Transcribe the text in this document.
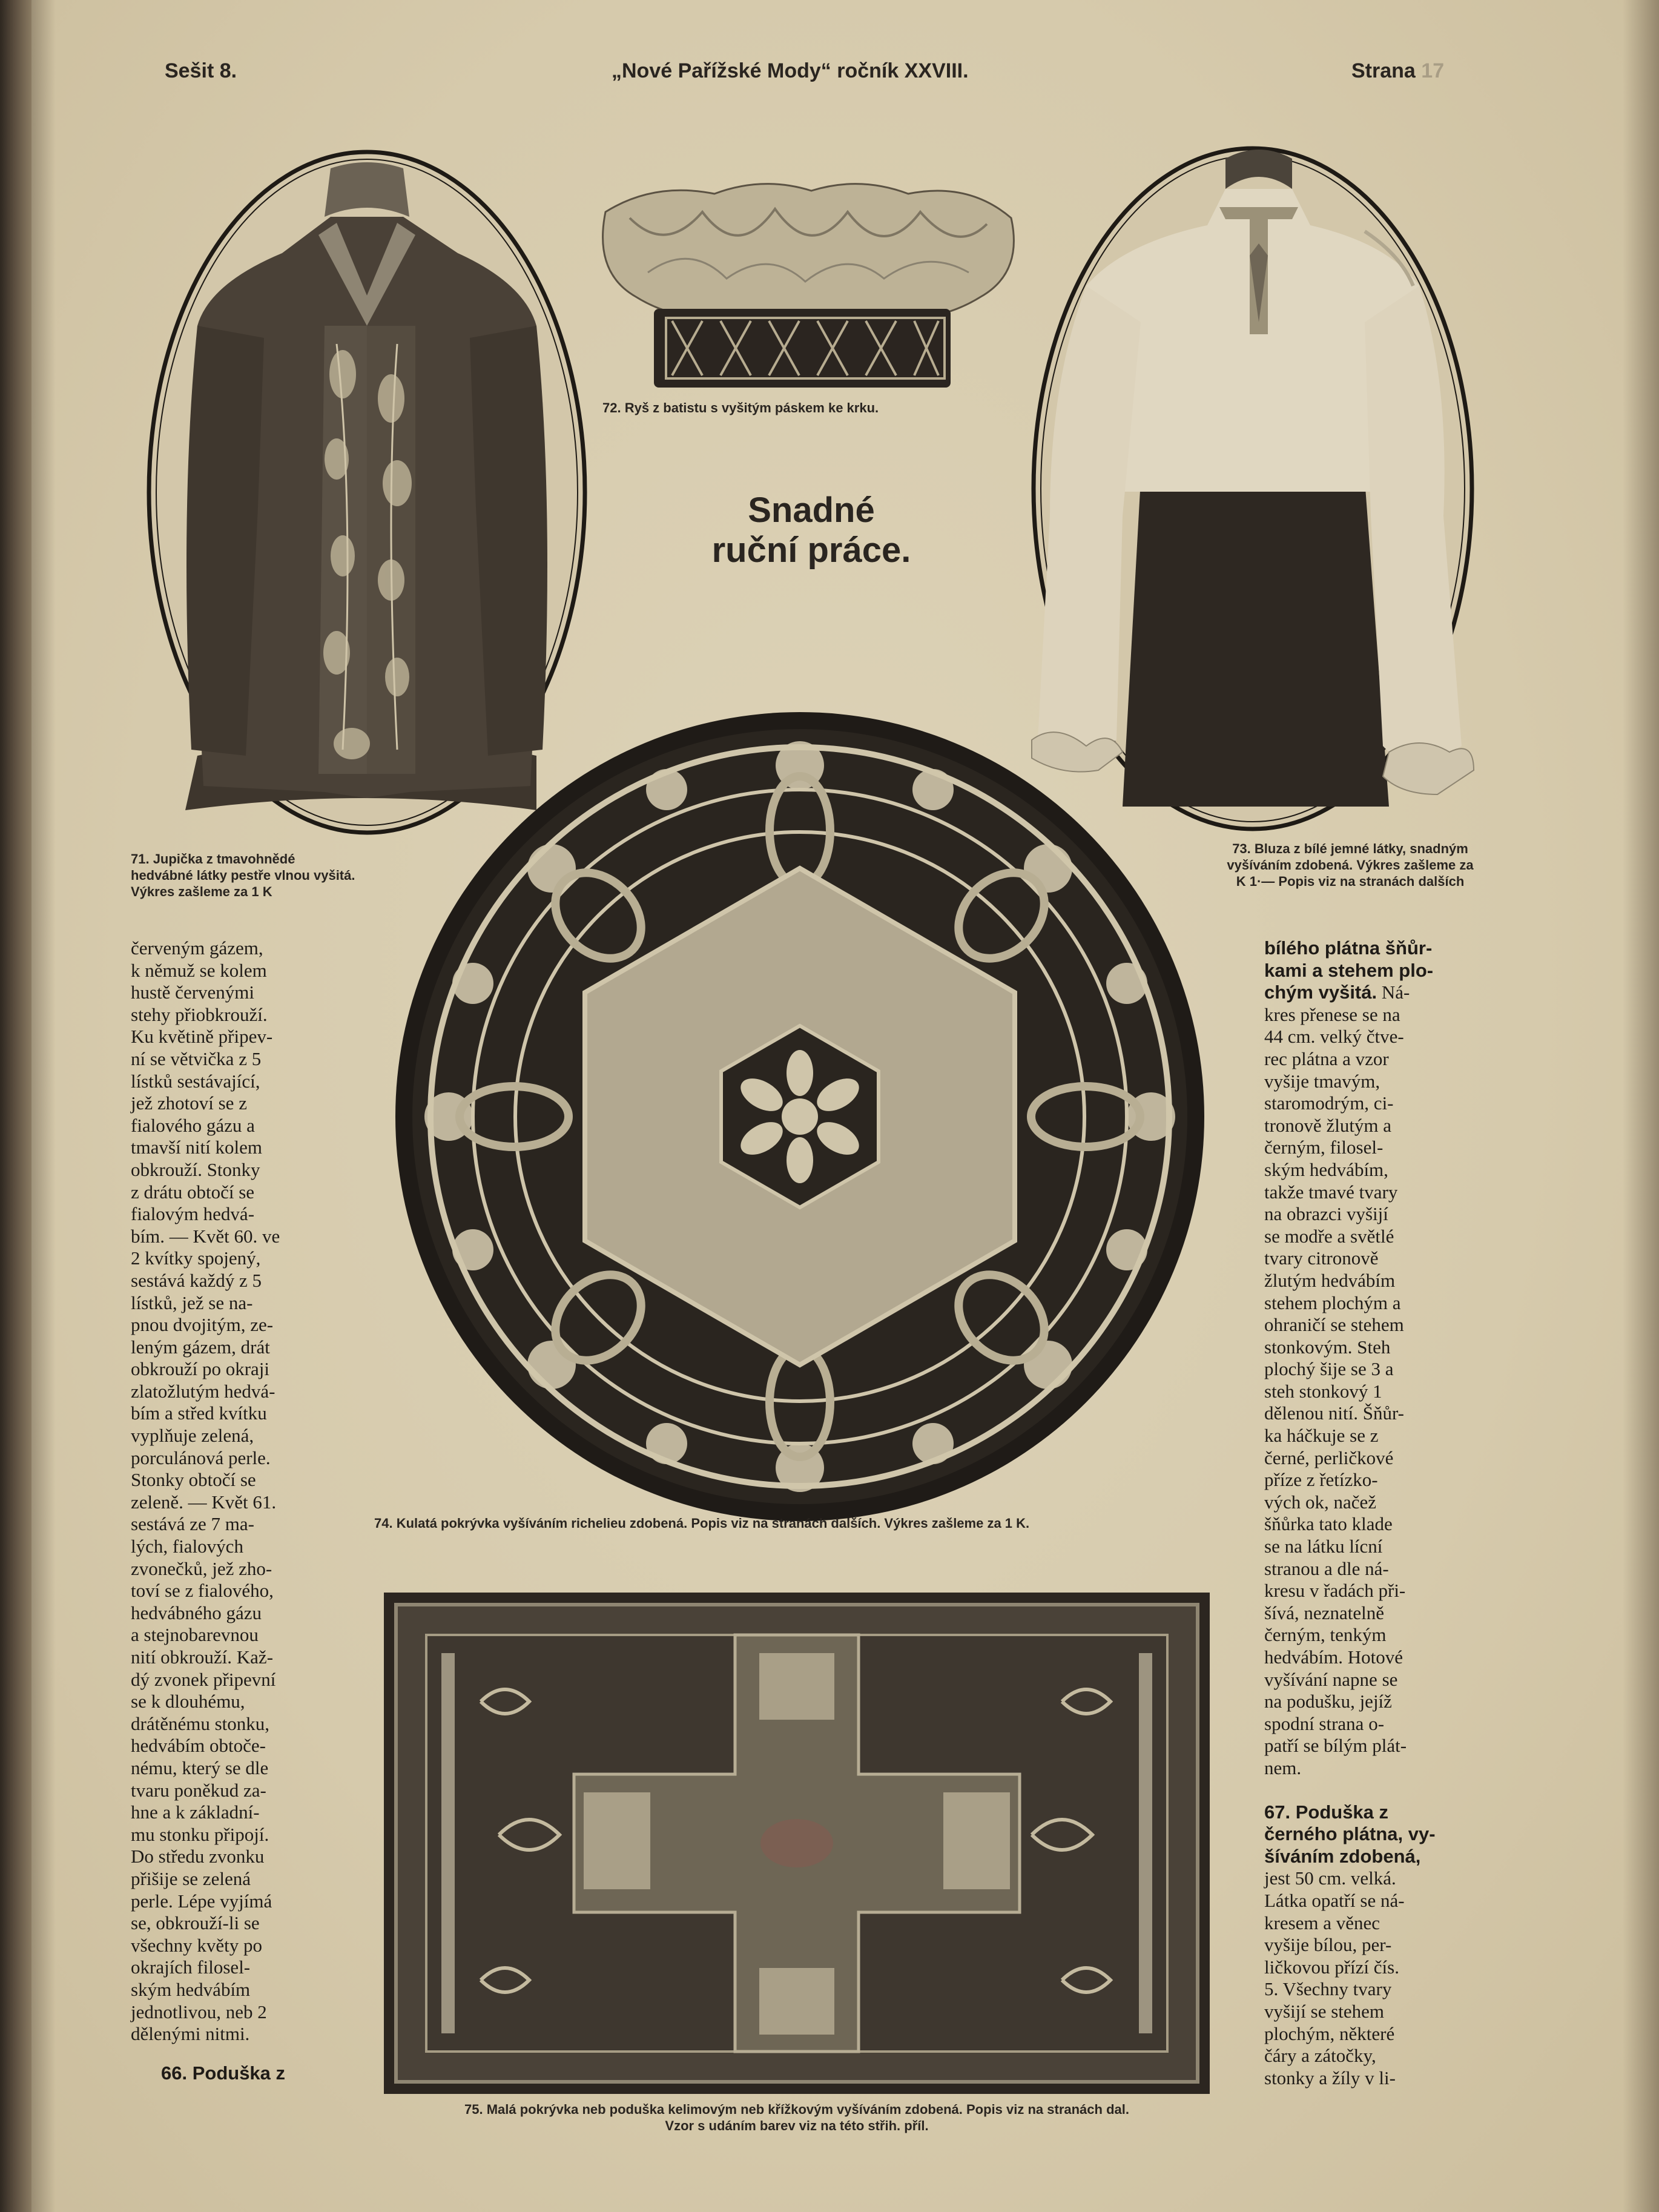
Sešit 8.	„Nové Pařížské Mody“ ročník XXVIII.	Strana 17
71. Jupička z tmavohnědé hedvábné látky pestře vlnou vyšitá. Výkres zašleme za 1 K
72. Ryš z batistu s vyšitým páskem ke krku.
Snadné
ruční práce.
73. Bluza z bílé jemné látky, snadným vyšíváním zdobená. Výkres zašleme za K 1·— Popis viz na stranách dalších
74. Kulatá pokrývka vyšíváním richelieu zdobená. Popis viz na stranách dalších. Výkres zašleme za 1 K.
75. Malá pokrývka neb poduška kelimovým neb křížkovým vyšíváním zdobená. Popis viz na stranách dal.
Vzor s udáním barev viz na této střih. příl.

červeným gázem,
k němuž se kolem
hustě červenými
stehy přiobkrouží.
Ku květině připev-
ní se větvička z 5
lístků sestávající,
jež zhotoví se z
fialového gázu a
tmavší nití kolem
obkrouží. Stonky
z drátu obtočí se
fialovým hedvá-
bím. — Květ 60. ve
2 kvítky spojený,
sestává každý z 5
lístků, jež se na-
pnou dvojitým, ze-
leným gázem, drát
obkrouží po okraji
zlatožlutým hedvá-
bím a střed kvítku
vyplňuje zelená,
porculánová perle.
Stonky obtočí se
zeleně. — Květ 61.
sestává ze 7 ma-
lých, fialových
zvonečků, jež zho-
toví se z fialového,
hedvábného gázu
a stejnobarevnou
nití obkrouží. Kaž-
dý zvonek připevní
se k dlouhému,
drátěnému stonku,
hedvábím obtoče-
nému, který se dle
tvaru poněkud za-
hne a k základní-
mu stonku připojí.
Do středu zvonku
přišije se zelená
perle. Lépe vyjímá
se, obkrouží-li se
všechny květy po
okrajích filosel-
ským hedvábím
jednotlivou, neb 2
dělenými nitmi.

66. Poduška z

bílého plátna šňůr-
kami a stehem plo-
chým vyšitá. Ná-
kres přenese se na
44 cm. velký čtve-
rec plátna a vzor
vyšije tmavým,
staromodrým, ci-
tronově žlutým a
černým, filosel-
ským hedvábím,
takže tmavé tvary
na obrazci vyšijí
se modře a světlé
tvary citronově
žlutým hedvábím
stehem plochým a
ohraničí se stehem
stonkovým. Steh
plochý šije se 3 a
steh stonkový 1
dělenou nití. Šňůr-
ka háčkuje se z
černé, perličkové
příze z řetízko-
vých ok, načež
šňůrka tato klade
se na látku lícní
stranou a dle ná-
kresu v řadách při-
šívá, neznatelně
černým, tenkým
hedvábím. Hotové
vyšívání napne se
na podušku, jejíž
spodní strana o-
patří se bílým plát-
nem.

67. Poduška z
černého plátna, vy-
šíváním zdobená,
jest 50 cm. velká.
Látka opatří se ná-
kresem a věnec
vyšije bílou, per-
ličkovou přízí čís.
5. Všechny tvary
vyšijí se stehem
plochým, některé
čáry a zátočky,
stonky a žíly v li-
